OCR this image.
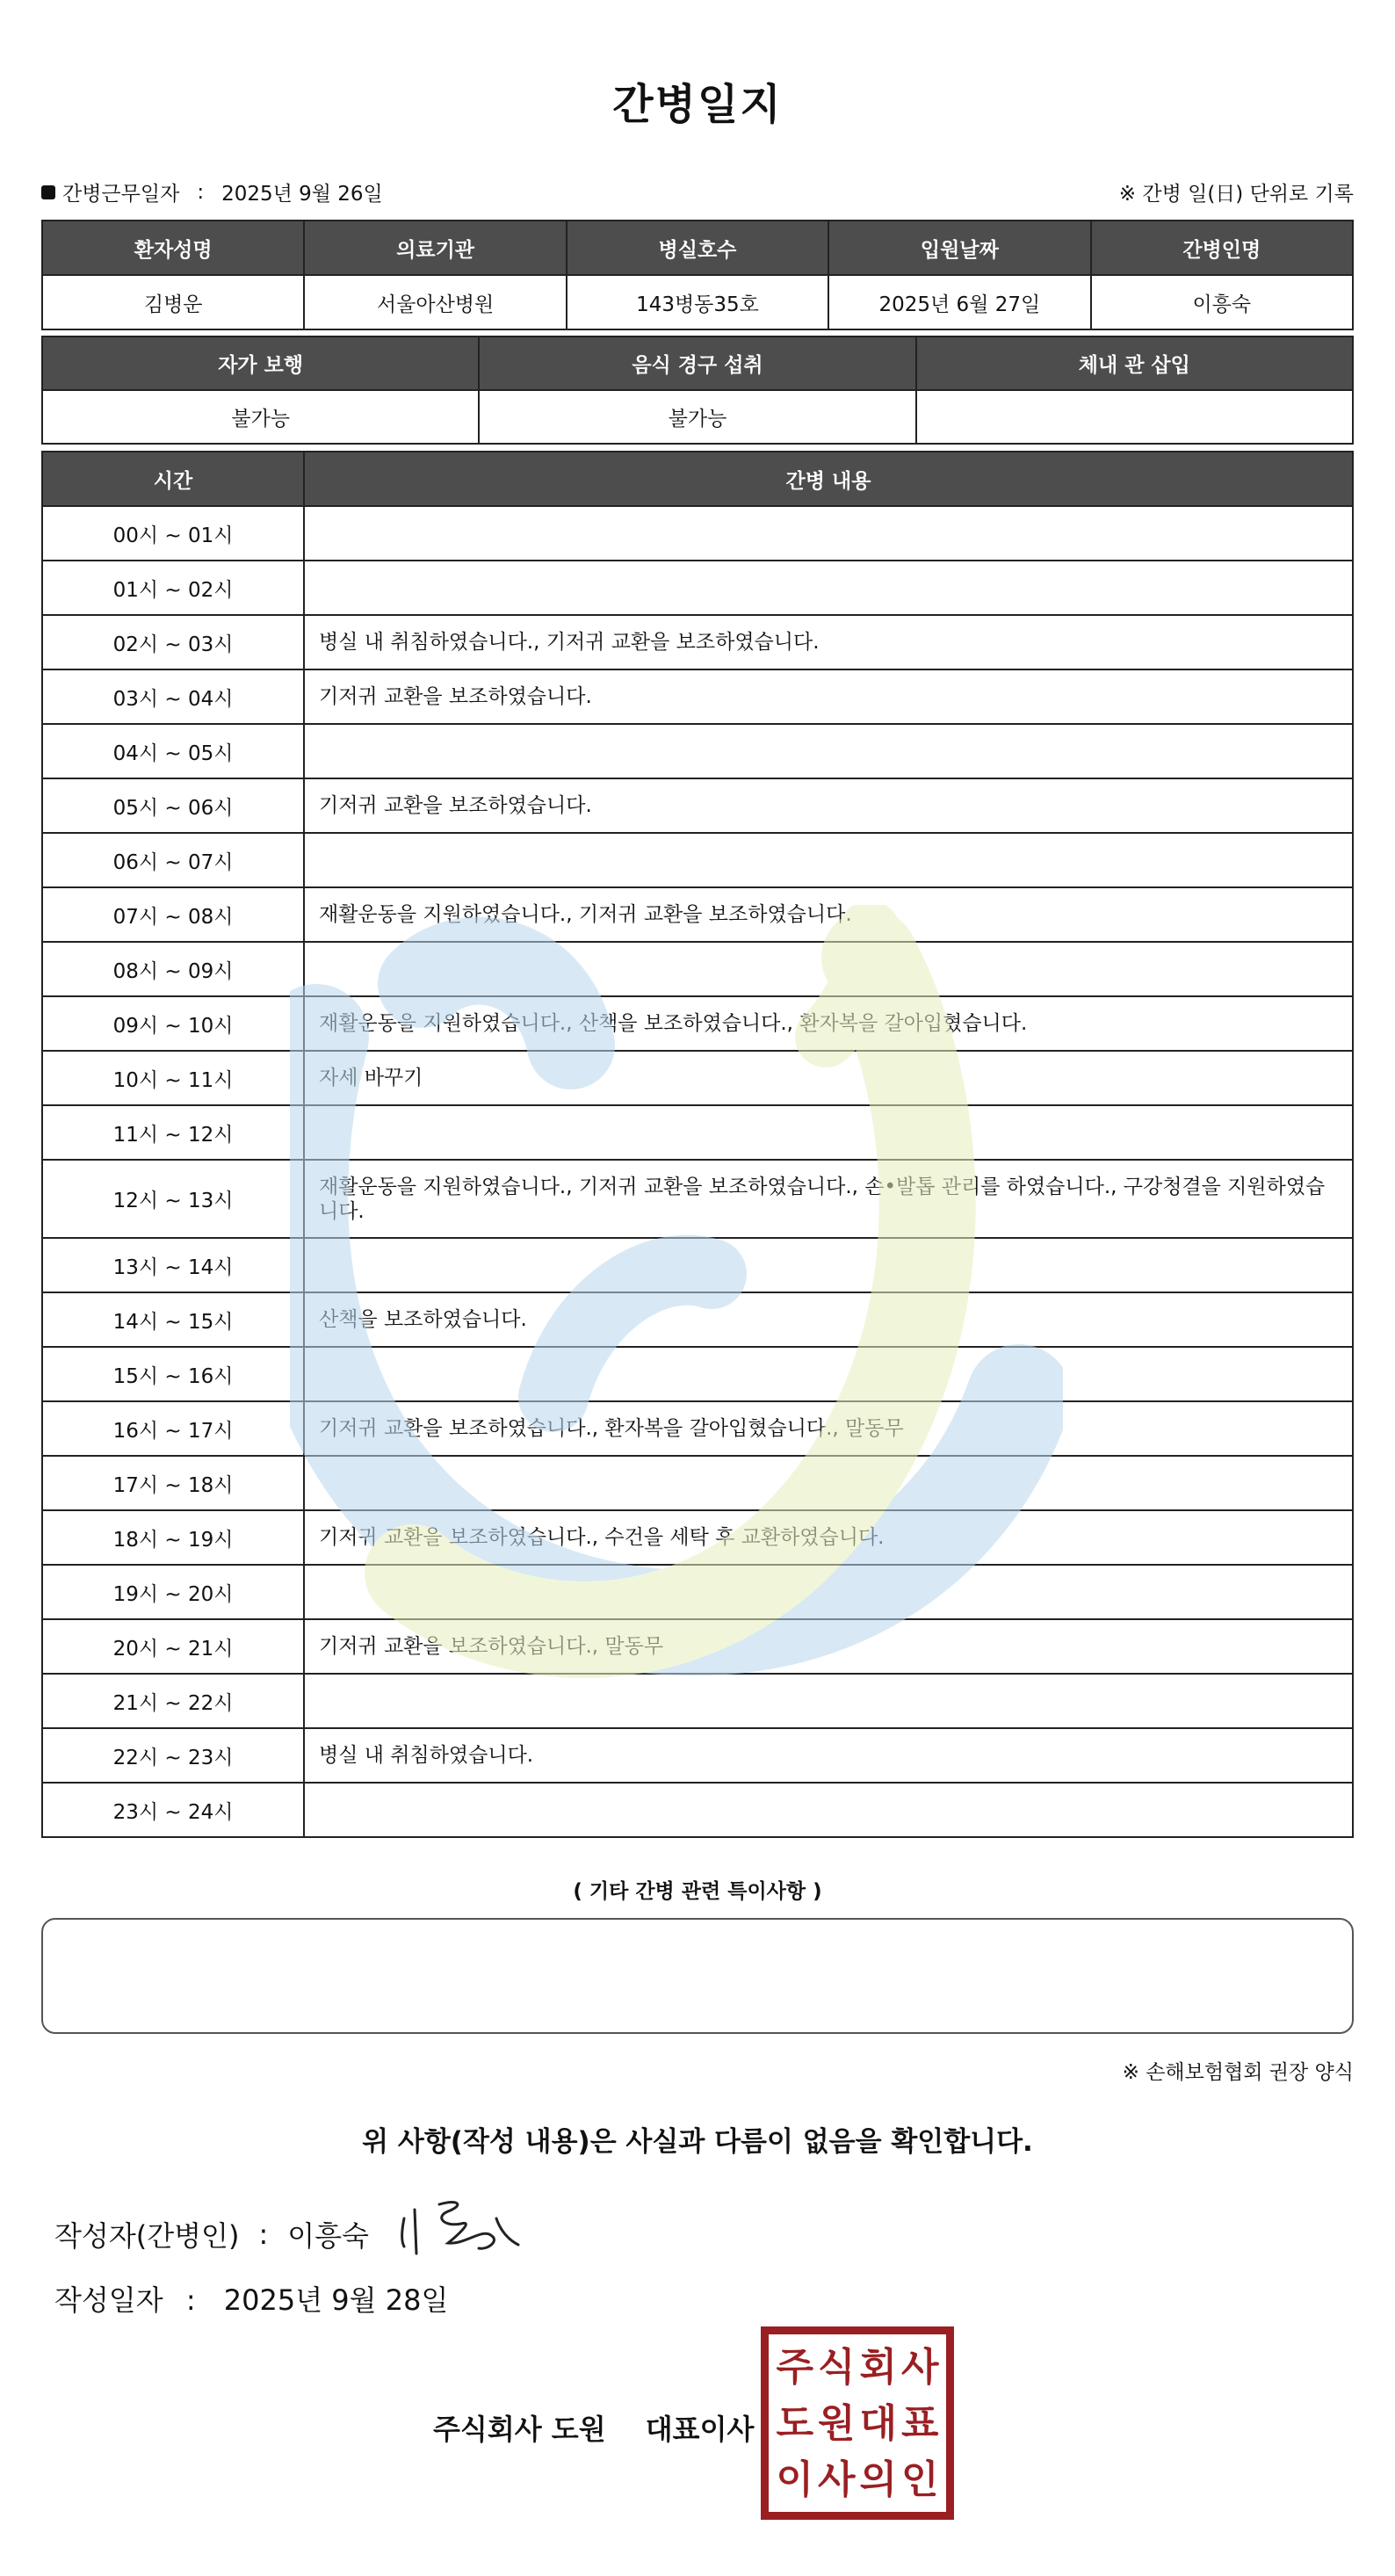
간병일지
간병근무일자 : 2025년 9월 26일	※ 간병 일(日) 단위로 기록
환자성명	의료기관	병실호수	입원날짜	간병인명
김병운	서울아산병원	143병동35호	2025년 6월 27일	이흥숙
자가 보행	음식 경구 섭취	체내 관 삽입
불가능	불가능	
시간	간병 내용
00시 ~ 01시	
01시 ~ 02시	
02시 ~ 03시	병실 내 취침하였습니다., 기저귀 교환을 보조하였습니다.
03시 ~ 04시	기저귀 교환을 보조하였습니다.
04시 ~ 05시	
05시 ~ 06시	기저귀 교환을 보조하였습니다.
06시 ~ 07시	
07시 ~ 08시	재활운동을 지원하였습니다., 기저귀 교환을 보조하였습니다.
08시 ~ 09시	
09시 ~ 10시	재활운동을 지원하였습니다., 산책을 보조하였습니다., 환자복을 갈아입혔습니다.
10시 ~ 11시	자세 바꾸기
11시 ~ 12시	
12시 ~ 13시	재활운동을 지원하였습니다., 기저귀 교환을 보조하였습니다., 손•발톱 관리를 하였습니다., 구강청결을 지원하였습니다.
13시 ~ 14시	
14시 ~ 15시	산책을 보조하였습니다.
15시 ~ 16시	
16시 ~ 17시	기저귀 교환을 보조하였습니다., 환자복을 갈아입혔습니다., 말동무
17시 ~ 18시	
18시 ~ 19시	기저귀 교환을 보조하였습니다., 수건을 세탁 후 교환하였습니다.
19시 ~ 20시	
20시 ~ 21시	기저귀 교환을 보조하였습니다., 말동무
21시 ~ 22시	
22시 ~ 23시	병실 내 취침하였습니다.
23시 ~ 24시	
( 기타 간병 관련 특이사항 )
※ 손해보험협회 권장 양식
위 사항(작성 내용)은 사실과 다름이 없음을 확인합니다.
작성자(간병인) : 이흥숙
작성일자 : 2025년 9월 28일
주식회사 도원 대표이사
주 식 회 사
도 원 대 표
이 사 의 인
